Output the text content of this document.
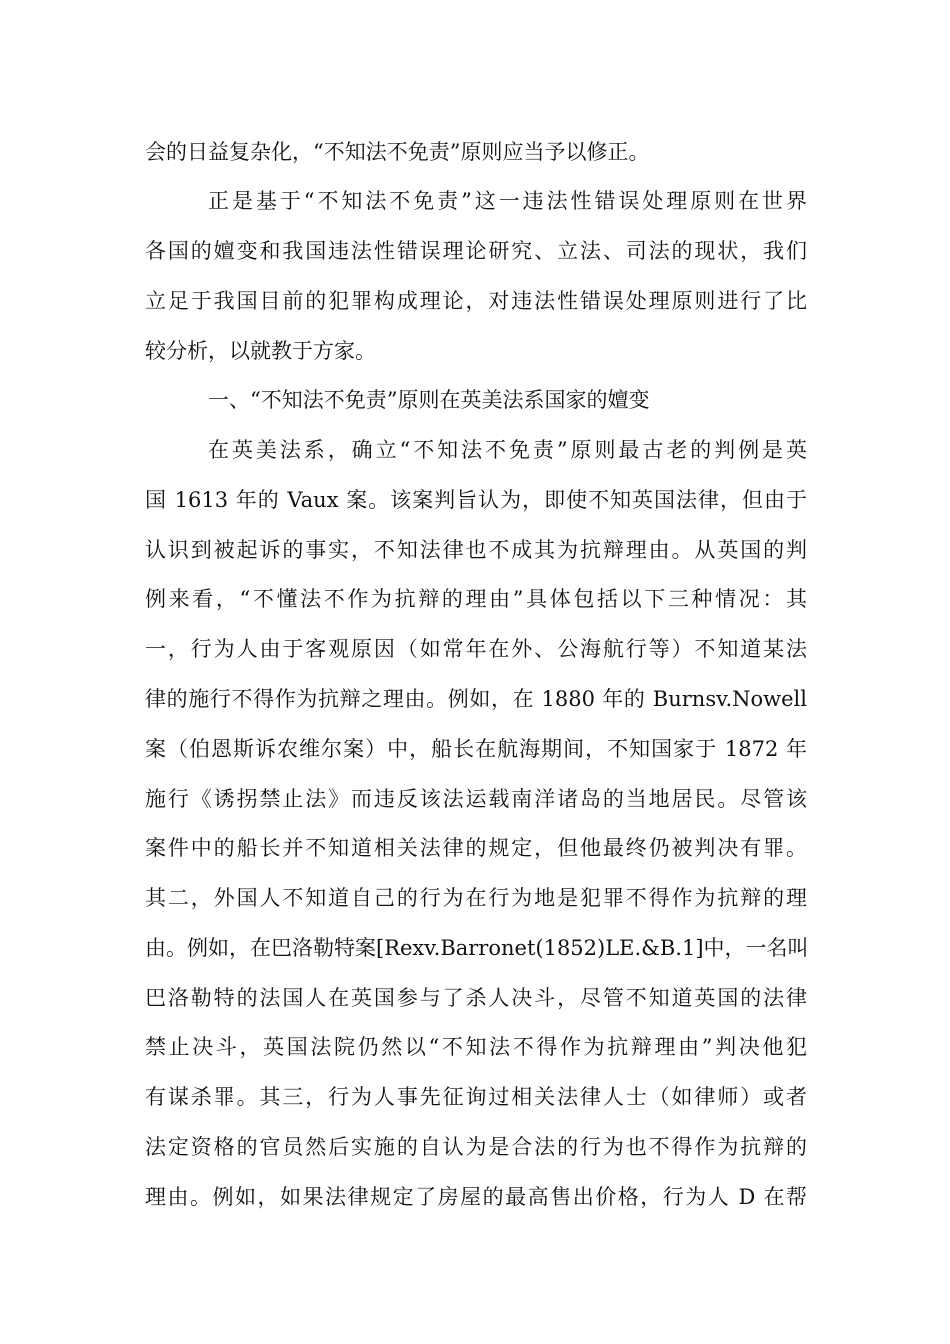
会的日益复杂化，“不知法不免责”原则应当予以修正。
正是基于“不知法不免责”这一违法性错误处理原则在世界
各国的嬗变和我国违法性错误理论研究、立法、司法的现状，我们
立足于我国目前的犯罪构成理论，对违法性错误处理原则进行了比
较分析，以就教于方家。
一、“不知法不免责”原则在英美法系国家的嬗变
在英美法系，确立“不知法不免责”原则最古老的判例是英
国 1613 年的 Vaux 案。该案判旨认为，即使不知英国法律，但由于
认识到被起诉的事实，不知法律也不成其为抗辩理由。从英国的判
例来看，“不懂法不作为抗辩的理由”具体包括以下三种情况：其
一，行为人由于客观原因（如常年在外、公海航行等）不知道某法
律的施行不得作为抗辩之理由。例如，在 1880 年的 Burnsv.Nowell
案（伯恩斯诉农维尔案）中，船长在航海期间，不知国家于 1872 年
施行《诱拐禁止法》而违反该法运载南洋诸岛的当地居民。尽管该
案件中的船长并不知道相关法律的规定，但他最终仍被判决有罪。
其二，外国人不知道自己的行为在行为地是犯罪不得作为抗辩的理
由。例如，在巴洛勒特案[Rexv.Barronet(1852)LE.&B.1]中，一名叫
巴洛勒特的法国人在英国参与了杀人决斗，尽管不知道英国的法律
禁止决斗，英国法院仍然以“不知法不得作为抗辩理由”判决他犯
有谋杀罪。其三，行为人事先征询过相关法律人士（如律师）或者
法定资格的官员然后实施的自认为是合法的行为也不得作为抗辩的
理由。例如，如果法律规定了房屋的最高售出价格，行为人 D 在帮
